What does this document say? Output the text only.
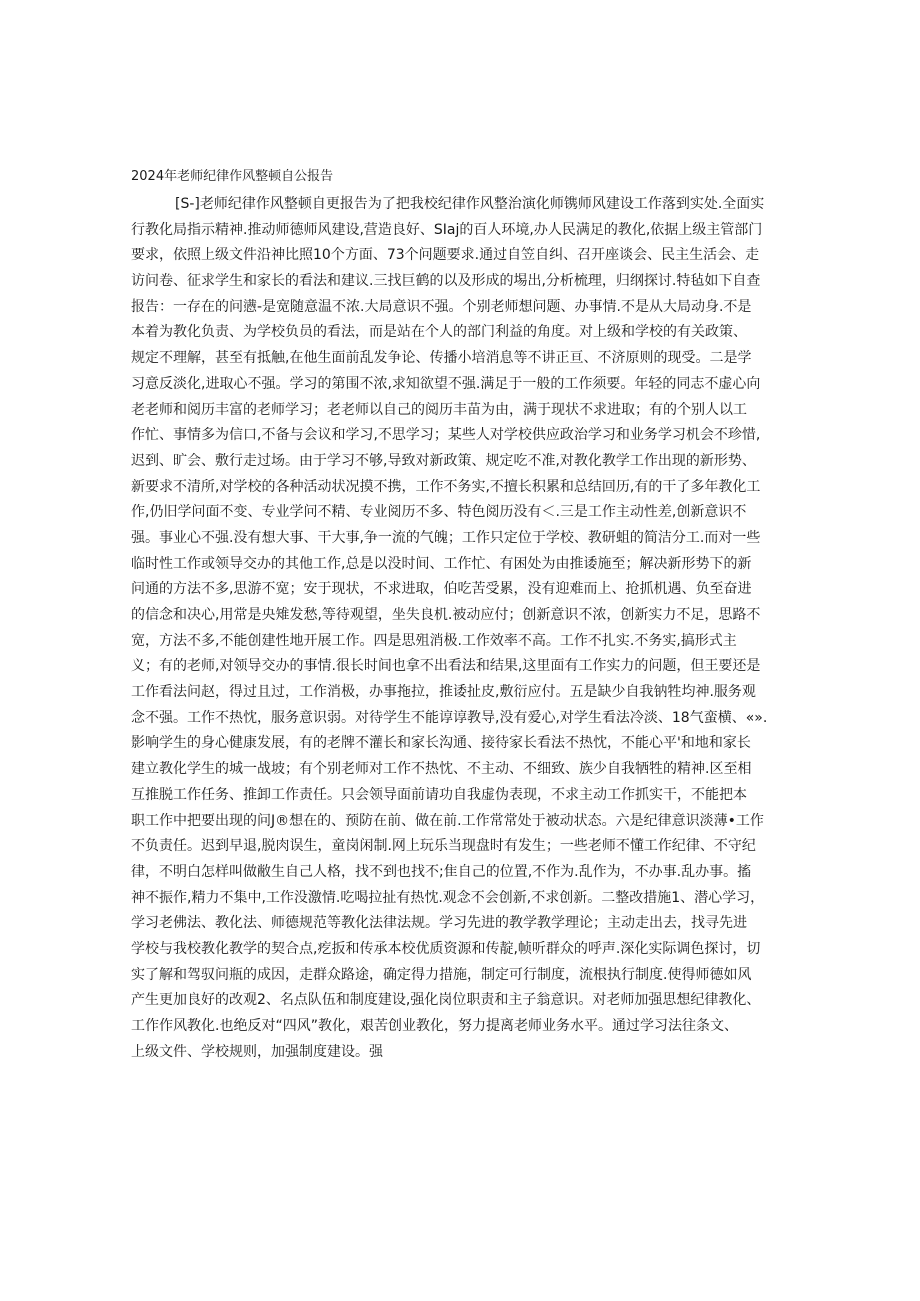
2024年老师纪律作风整顿自公报告
[S-]老师纪律作风整顿自更报告为了把我校纪律作风整治演化师镌师风建设工作落到实处.全面实
行教化局指示精神.推动师德师风建设,营造良好、SIaj的百人环境,办人民满足的教化,依据上级主管部门
要求，依照上级文件沿神比照10个方面、73个问题要求.通过自笠自纠、召开座谈会、民主生活会、走
访问卷、征求学生和家长的看法和建议.三找巨鹤的以及形成的埸出,分析梳理，归纲探讨.特毡如下自查
报告：一存在的问懑-是宽随意温不浓.大局意识不强。个别老师想问题、办事情.不是从大局动身.不是
本着为教化负责、为学校负员的看法，而是站在个人的部门利益的角度。对上级和学校的有关政策、
规定不理解，甚至有抵触,在他生面前乱发争论、传播小培消息等不讲正亘、不济原则的现受。二是学
习意反淡化,进取心不强。学习的第围不浓,求知欲望不强.满足于一般的工作须要。年轻的同志不虚心向
老老师和阅历丰富的老师学习；老老师以自己的阅历丰苗为由，满于现状不求进取；有的个别人以工
作忙、事情多为信口,不备与会议和学习,不思学习；某些人对学校供应政治学习和业务学习机会不珍惜,
迟到、旷会、敷行走过场。由于学习不够,导致对新政策、规定吃不准,对教化教学工作出现的新形势、
新要求不清所,对学校的各种活动状况摸不携，工作不务实,不擅长积累和总结回历,有的干了多年教化工
作,仍旧学问面不变、专业学问不精、专业阅历不多、特色阅历没有＜.三是工作主动性差,创新意识不
强。事业心不强.没有想大事、干大事,争一流的气魄；工作只定位于学校、教研蛆的简洁分工.而对一些
临时性工作或领导交办的其他工作,总是以没时间、工作忙、有困处为由推诿施至；解决新形势下的新
问通的方法不多,思游不宽；安于现状，不求进取，伯吃苦受累，没有迎难而上、抢抓机遇、负至奋进
的信念和决心,用常是央雉发愁,等待观望，坐失良机.被动应付；创新意识不浓，创新实力不足，思路不
宽，方法不多,不能创建性地开展工作。四是思殂消极.工作效率不高。工作不扎实.不务实,搞形式主
义；有的老师,对领导交办的事情.很长时间也拿不出看法和结果,这里面有工作实力的问题，但王要还是
工作看法问赵，得过且过，工作消极，办事拖拉，推诿扯皮,敷衍应付。五是缺少自我钠牲均神.服务观
念不强。工作不热忱，服务意识弱。对待学生不能谆谆教导,没有爱心,对学生看法冷淡、18气蛮横、«».
影响学生的身心健康发展，有的老牌不灌长和家长沟通、接待家长看法不热忱，不能心平'和地和家长
建立教化学生的城一战坡；有个别老师对工作不热忱、不主动、不细致、族少自我牺牲的精神.区至相
互推脱工作任务、推卸工作责任。只会领导面前请功自我虚伪表现，不求主动工作抓实干，不能把本
职工作中把要出现的问J®想在的、预防在前、做在前.工作常常处于被动状态。六是纪律意识淡薄•工作
不负责任。迟到早退,脱肉误生，童岗闲制.网上玩乐当现盘时有发生；一些老师不懂工作纪律、不守纪
律，不明白怎样叫做敝生自己人格，找不到也找不;隹自己的位置,不作为.乱作为，不办事.乱办事。搐
神不振作,精力不集中,工作没激情.吃喝拉扯有热忱.观念不会创新,不求创新。二整改措施1、潜心学习，
学习老佛法、教化法、师德规范等教化法律法规。学习先进的教学教学理论；主动走出去，找寻先进
学校与我校教化教学的契合点,疙扳和传承本校优质资源和传靛,帧听群众的呼声.深化实际调色探讨，切
实了解和驾驭问瓶的成因，走群众路途，确定得力措施，制定可行制度，流根执行制度.使得师德如风
产生更加良好的改观2、名点队伍和制度建设,强化岗位职责和主子翁意识。对老师加强思想纪律教化、
工作作风教化.也绝反对“四风”教化，艰苦创业教化，努力提离老师业务水平。通过学习法往条文、
上级文件、学校规则，加强制度建设。强
